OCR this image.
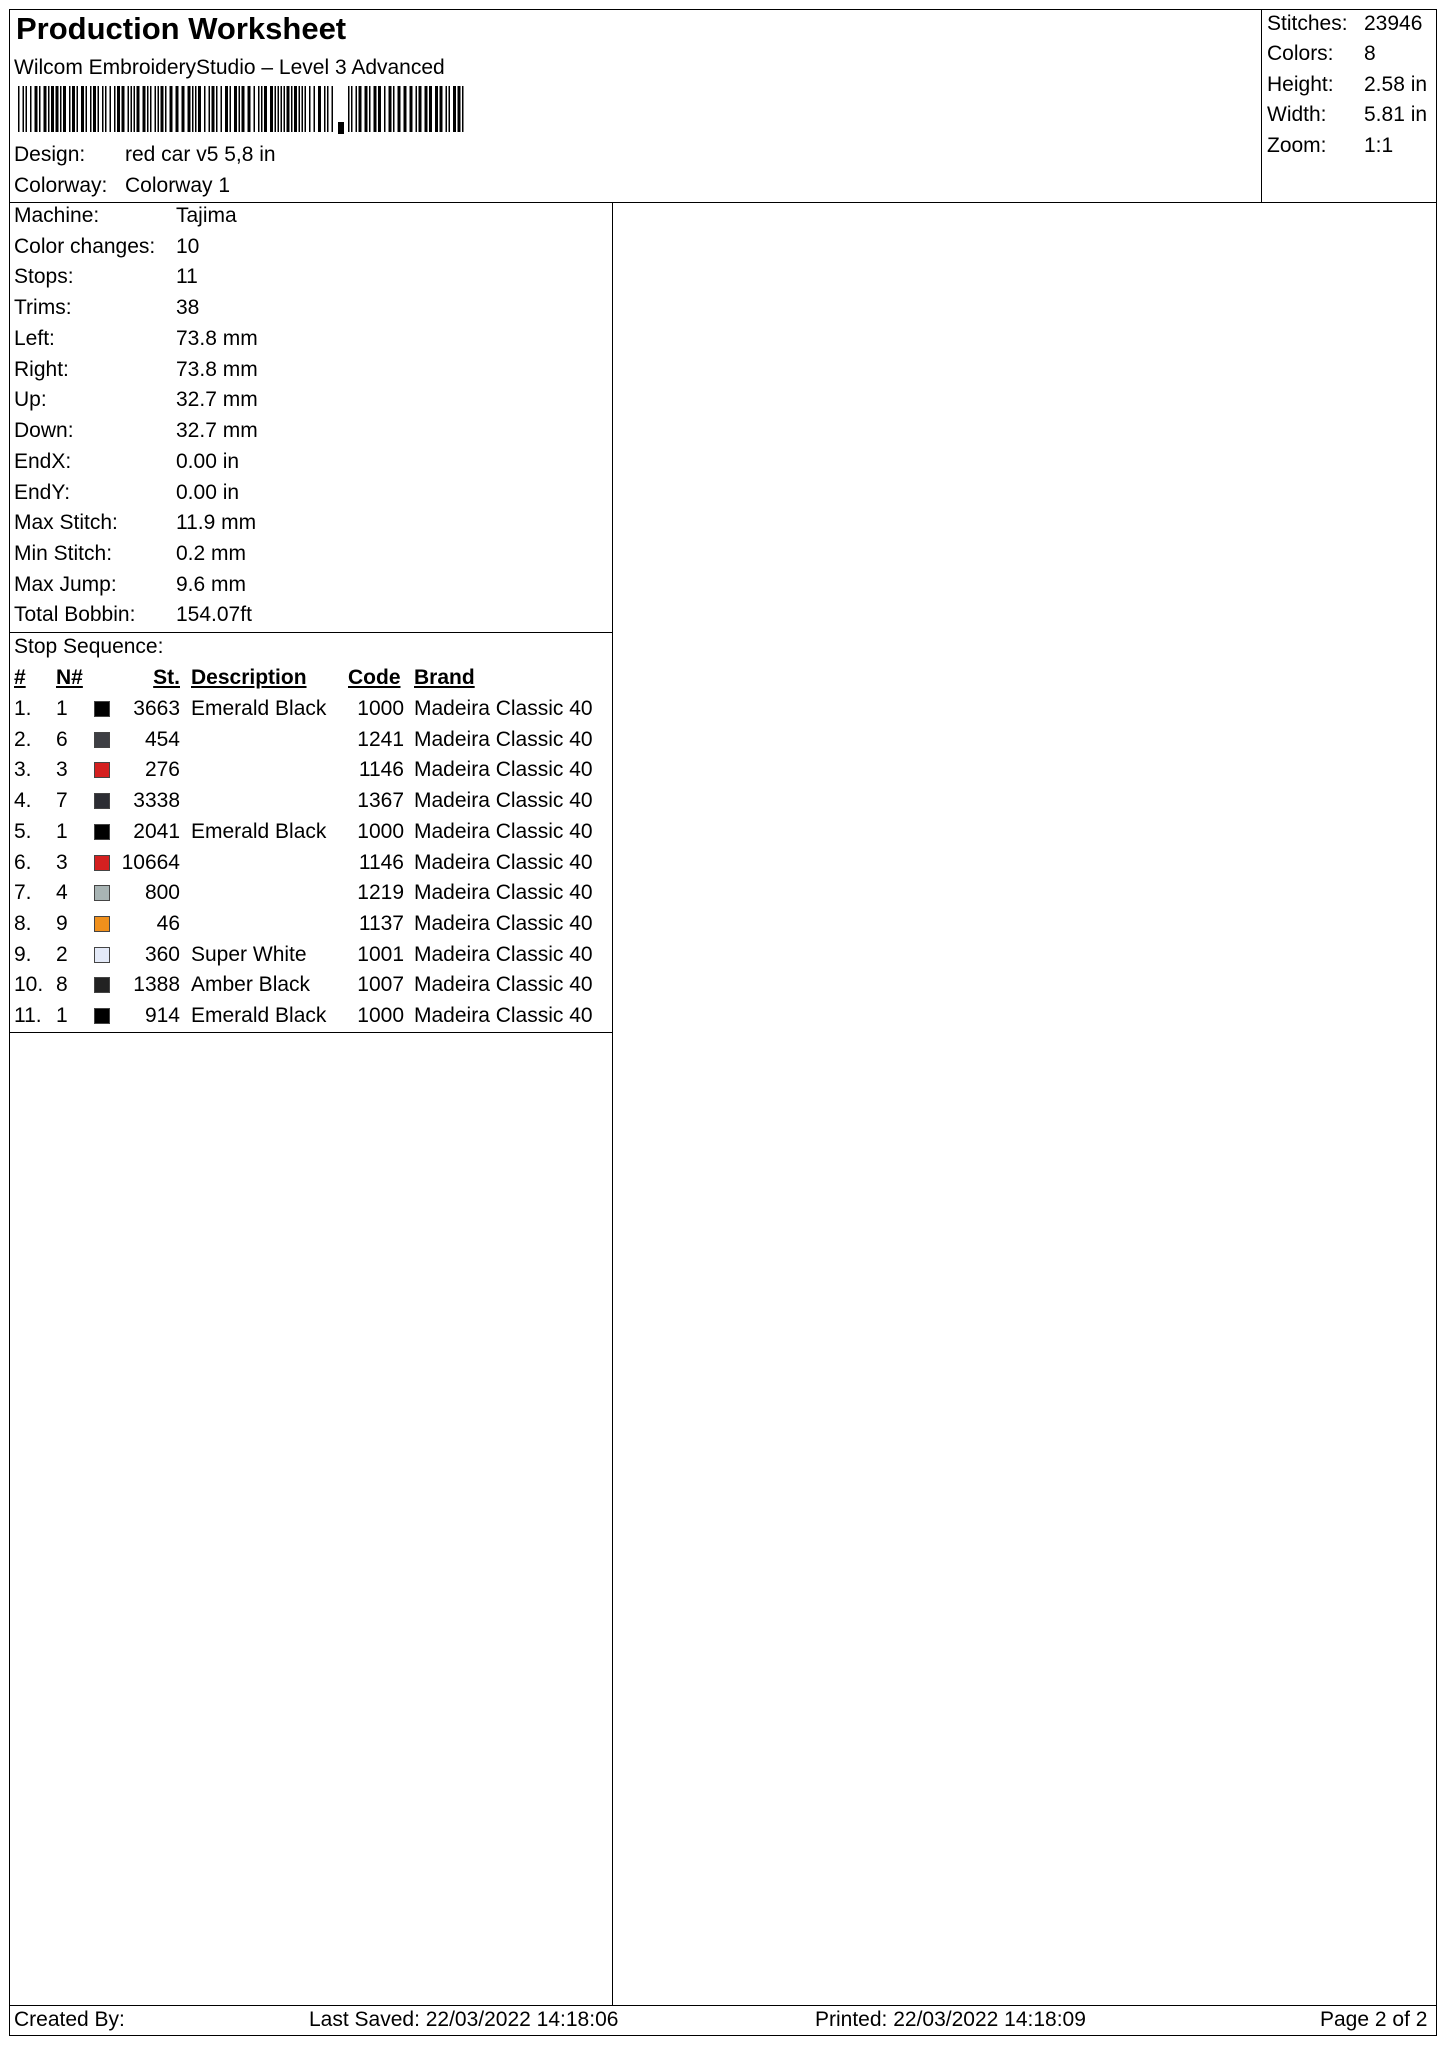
Production Worksheet
Wilcom EmbroideryStudio – Level 3 Advanced
Design: red car v5 5,8 in
Colorway: Colorway 1
Stitches: 23946
Colors: 8
Height: 2.58 in
Width: 5.81 in
Zoom: 1:1
Machine:	Tajima
Color changes: 10
Stops:	11
Trims:	38
Left:	73.8 mm
Right:	73.8 mm
Up:	32.7 mm
Down:	32.7 mm
EndX:	0.00 in
EndY:	0.00 in
Max Stitch:	11.9 mm
Min Stitch:	0.2 mm
Max Jump:	9.6 mm
Total Bobbin: 154.07ft
Stop Sequence:
# N#	St. Description Code Brand
1. 1	3663 Emerald Black	1000 Madeira Classic 40
2. 6	454	1241 Madeira Classic 40
3. 3	276	1146 Madeira Classic 40
4. 7	3338	1367 Madeira Classic 40
5. 1	2041 Emerald Black	1000 Madeira Classic 40
6. 3	10664	1146 Madeira Classic 40
7. 4	800	1219 Madeira Classic 40
8. 9	46	1137 Madeira Classic 40
9. 2	360 Super White	1001 Madeira Classic 40
10. 8	1388 Amber Black	1007 Madeira Classic 40
11. 1	914 Emerald Black	1000 Madeira Classic 40
Created By:	Last Saved: 22/03/2022 14:18:06	Printed: 22/03/2022 14:18:09	Page 2 of 2
